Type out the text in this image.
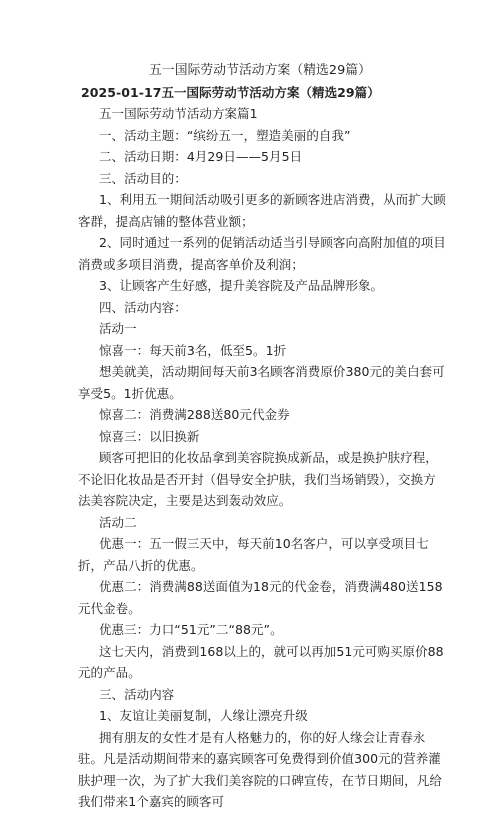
五一国际劳动节活动方案（精选29篇）

2025-01-17五一国际劳动节活动方案（精选29篇）

五一国际劳动节活动方案篇1

一、活动主题：“缤纷五一，塑造美丽的自我”

二、活动日期：4月29日——5月5日

三、活动目的：

1、利用五一期间活动吸引更多的新顾客进店消费，从而扩大顾客群，提高店铺的整体营业额；

2、同时通过一系列的促销活动适当引导顾客向高附加值的项目消费或多项目消费，提高客单价及利润；

3、让顾客产生好感，提升美容院及产品品牌形象。

四、活动内容：

活动一

惊喜一：每天前3名，低至5。1折

想美就美，活动期间每天前3名顾客消费原价380元的美白套可享受5。1折优惠。

惊喜二：消费满288送80元代金券

惊喜三：以旧换新

顾客可把旧的化妆品拿到美容院换成新品，或是换护肤疗程，不论旧化妆品是否开封（倡导安全护肤，我们当场销毁），交换方法美容院决定，主要是达到轰动效应。

活动二

优惠一：五一假三天中，每天前10名客户，可以享受项目七折，产品八折的优惠。

优惠二：消费满88送面值为18元的代金卷，消费满480送158元代金卷。

优惠三：力口“51元”二“88元”。

这七天内，消费到168以上的，就可以再加51元可购买原价88元的产品。

三、活动内容

1、友谊让美丽复制，人缘让漂亮升级

拥有朋友的女性才是有人格魅力的，你的好人缘会让青春永驻。凡是活动期间带来的嘉宾顾客可免费得到价值300元的营养灌肤护理一次，为了扩大我们美容院的口碑宣传，在节日期间，凡给我们带来1个嘉宾的顾客可
